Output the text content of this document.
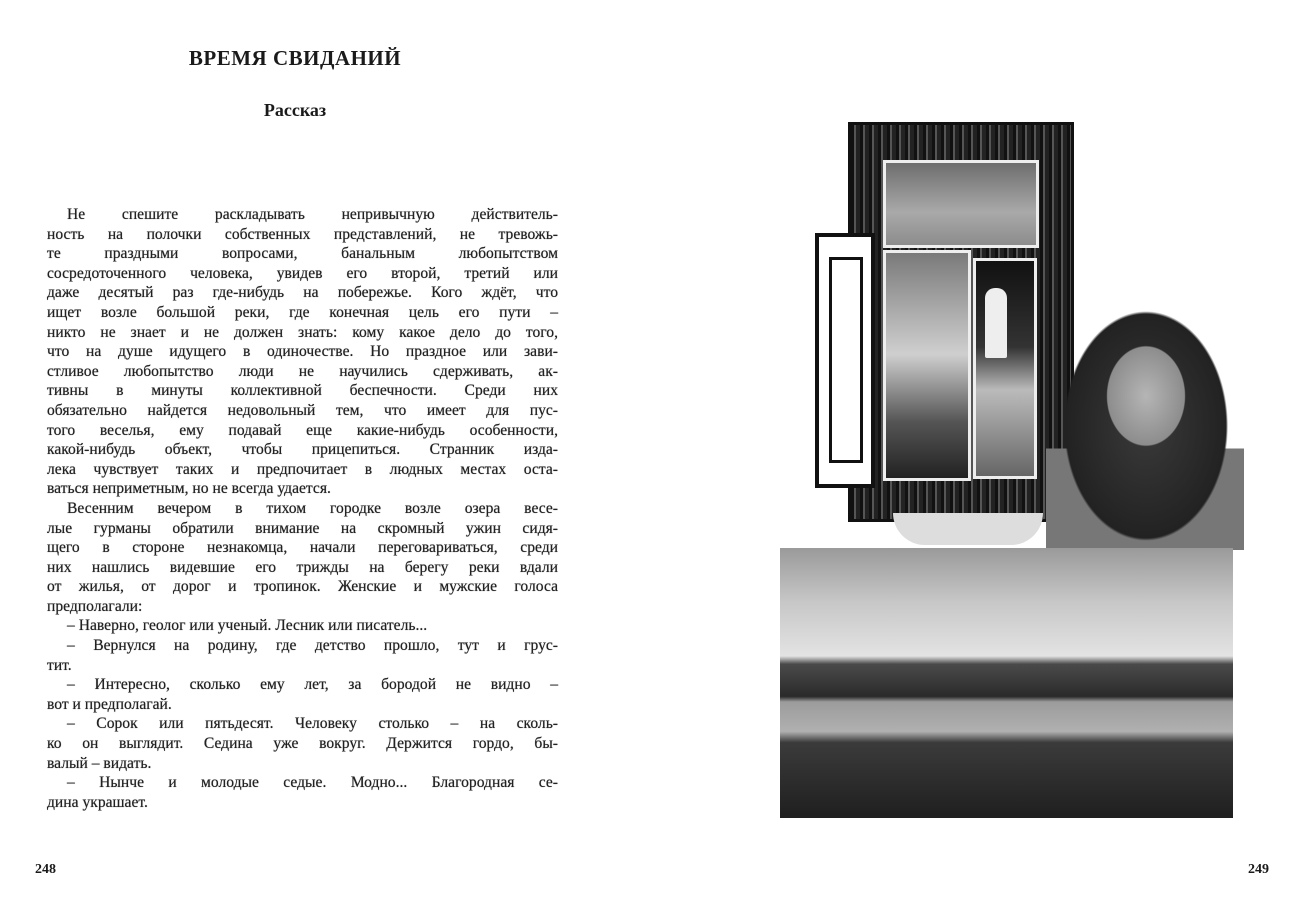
ВРЕМЯ СВИДАНИЙ
Рассказ
Не спешите раскладывать непривычную действитель-
ность на полочки собственных представлений, не тревожь-
те праздными вопросами, банальным любопытством
сосредоточенного человека, увидев его второй, третий или
даже десятый раз где-нибудь на побережье. Кого ждёт, что
ищет возле большой реки, где конечная цель его пути –
никто не знает и не должен знать: кому какое дело до того,
что на душе идущего в одиночестве. Но праздное или зави-
стливое любопытство люди не научились сдерживать, ак-
тивны в минуты коллективной беспечности. Среди них
обязательно найдется недовольный тем, что имеет для пус-
того веселья, ему подавай еще какие-нибудь особенности,
какой-нибудь объект, чтобы прицепиться. Странник изда-
лека чувствует таких и предпочитает в людных местах оста-
ваться неприметным, но не всегда удается.
Весенним вечером в тихом городке возле озера весе-
лые гурманы обратили внимание на скромный ужин сидя-
щего в стороне незнакомца, начали переговариваться, среди
них нашлись видевшие его трижды на берегу реки вдали
от жилья, от дорог и тропинок. Женские и мужские голоса
предполагали:
– Наверно, геолог или ученый. Лесник или писатель...
– Вернулся на родину, где детство прошло, тут и грус-
тит.
– Интересно, сколько ему лет, за бородой не видно –
вот и предполагай.
– Сорок или пятьдесят. Человеку столько – на сколь-
ко он выглядит. Седина уже вокруг. Держится гордо, бы-
валый – видать.
– Нынче и молодые седые. Модно... Благородная се-
дина украшает.
248	249
